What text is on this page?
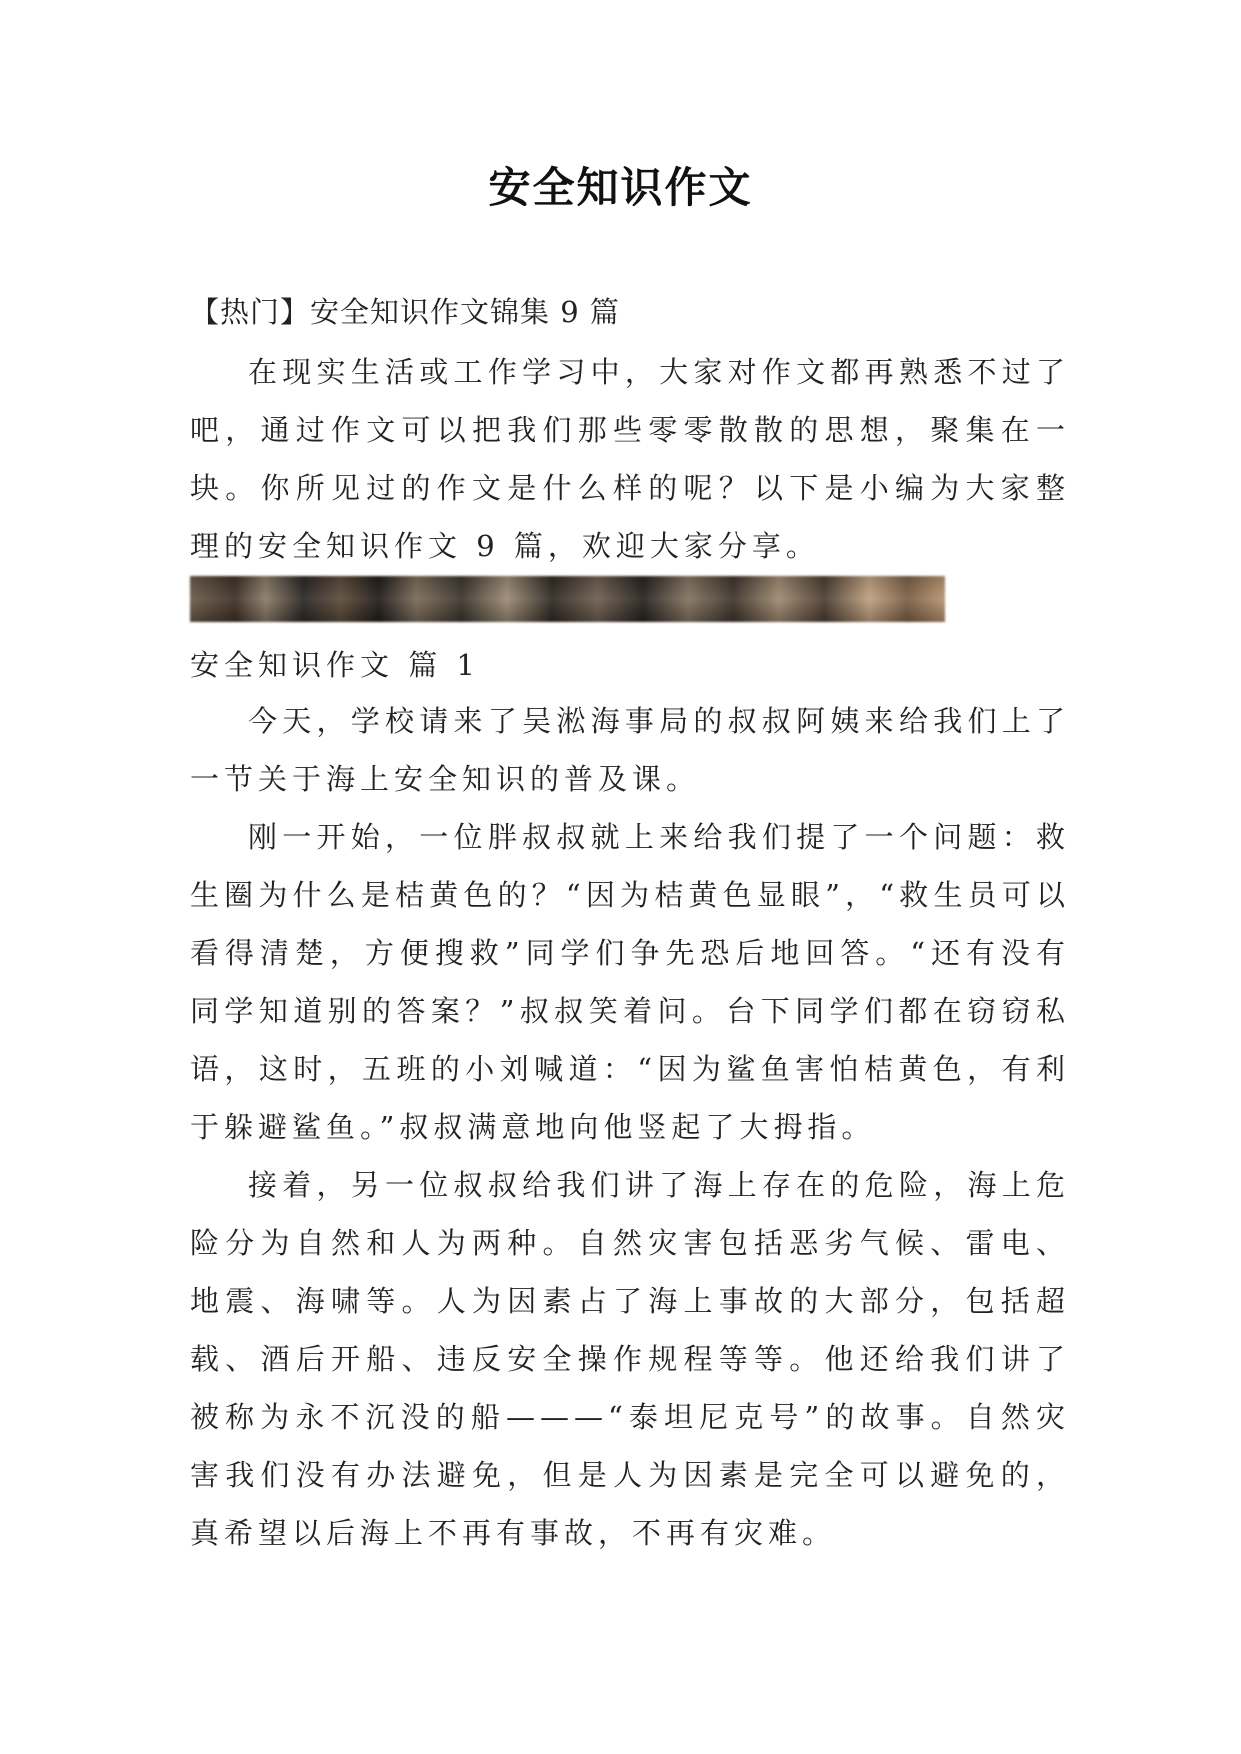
安全知识作文
【热门】安全知识作文锦集 9 篇

在现实生活或工作学习中，大家对作文都再熟悉不过了吧，通过作文可以把我们那些零零散散的思想，聚集在一块。你所见过的作文是什么样的呢？以下是小编为大家整理的安全知识作文 9 篇，欢迎大家分享。

安全知识作文 篇 1

今天，学校请来了吴淞海事局的叔叔阿姨来给我们上了一节关于海上安全知识的普及课。

刚一开始，一位胖叔叔就上来给我们提了一个问题：救生圈为什么是桔黄色的？“因为桔黄色显眼”，“救生员可以看得清楚，方便搜救”同学们争先恐后地回答。“还有没有同学知道别的答案？”叔叔笑着问。台下同学们都在窃窃私语，这时，五班的小刘喊道：“因为鲨鱼害怕桔黄色，有利于躲避鲨鱼。”叔叔满意地向他竖起了大拇指。

接着，另一位叔叔给我们讲了海上存在的危险，海上危险分为自然和人为两种。自然灾害包括恶劣气候、雷电、地震、海啸等。人为因素占了海上事故的大部分，包括超载、酒后开船、违反安全操作规程等等。他还给我们讲了被称为永不沉没的船———“泰坦尼克号”的故事。自然灾害我们没有办法避免，但是人为因素是完全可以避免的，真希望以后海上不再有事故，不再有灾难。
